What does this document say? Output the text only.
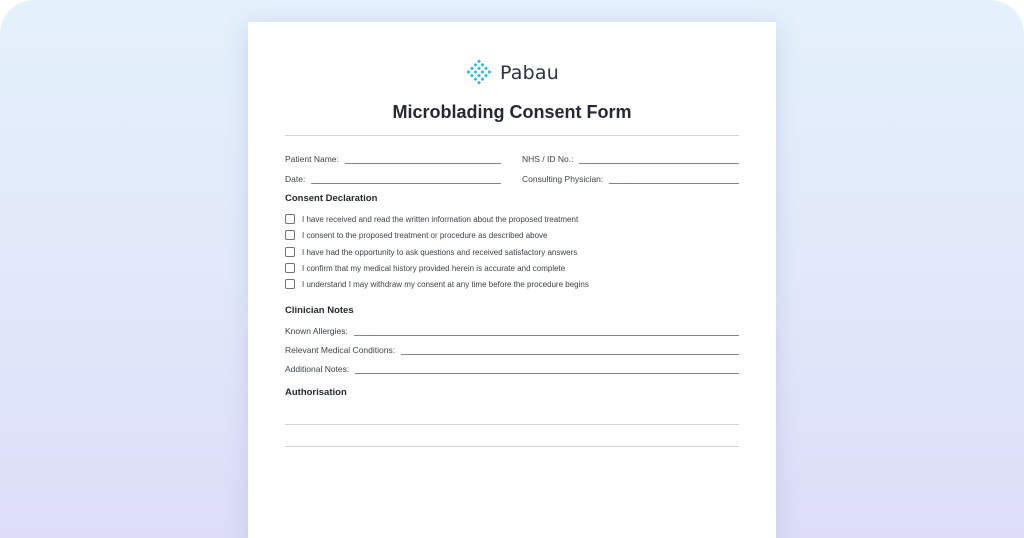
Pabau
Microblading Consent Form
Patient Name:	NHS / ID No.:
Date:	Consulting Physician:
Consent Declaration
I have received and read the written information about the proposed treatment
I consent to the proposed treatment or procedure as described above
I have had the opportunity to ask questions and received satisfactory answers
I confirm that my medical history provided herein is accurate and complete
I understand I may withdraw my consent at any time before the procedure begins
Clinician Notes
Known Allergies:
Relevant Medical Conditions:
Additional Notes:
Authorisation
